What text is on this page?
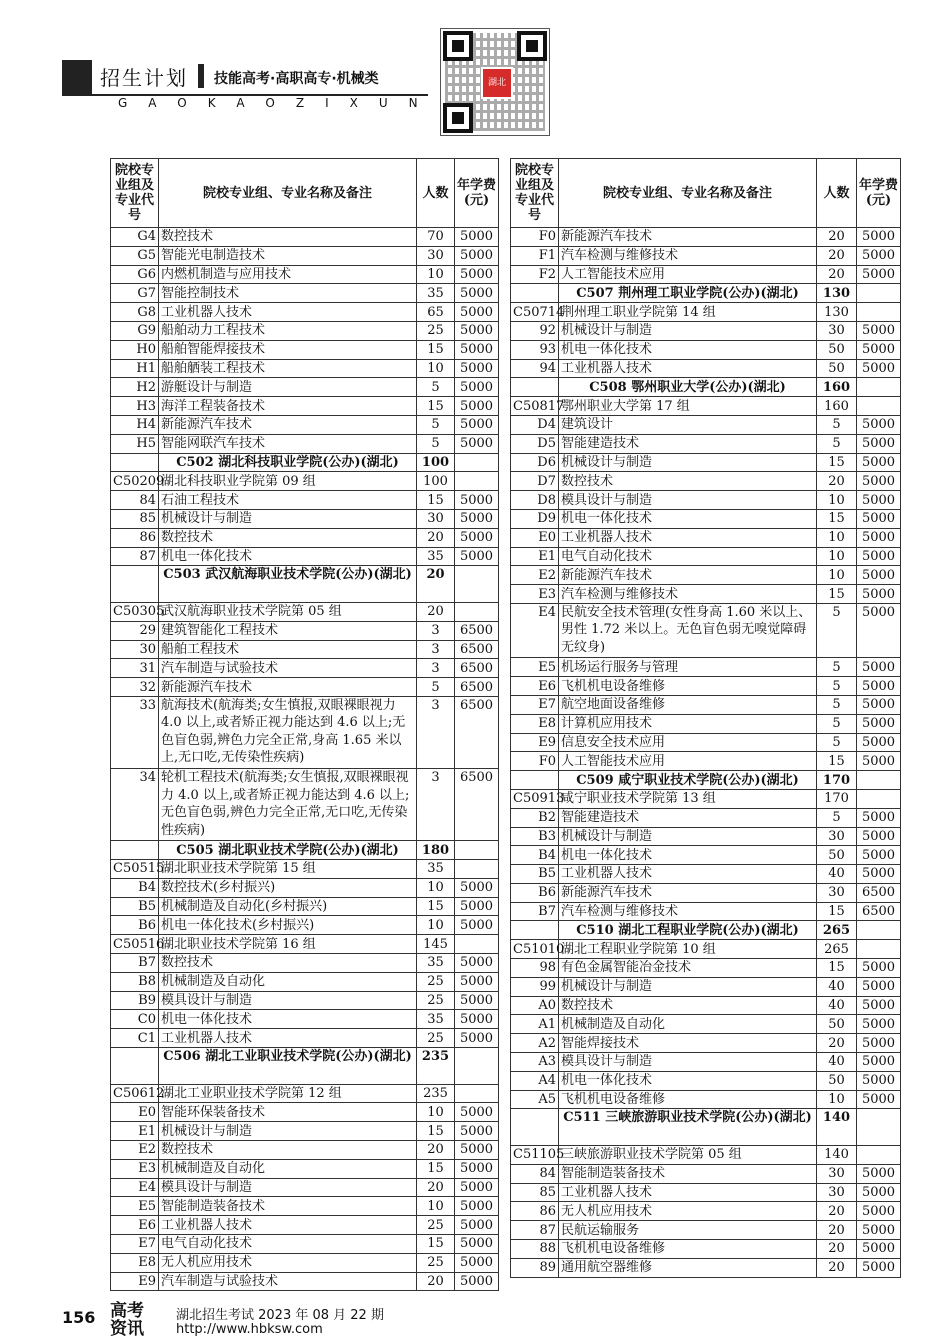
招生计划 技能高考·高职高专·机械类
GAOKAOZIXUN
湖北
院校专业组及专业代号	院校专业组、专业名称及备注	人数	年学费(元)
G4	数控技术	70	5000
G5	智能光电制造技术	30	5000
G6	内燃机制造与应用技术	10	5000
G7	智能控制技术	35	5000
G8	工业机器人技术	65	5000
G9	船舶动力工程技术	25	5000
H0	船舶智能焊接技术	15	5000
H1	船舶舾装工程技术	10	5000
H2	游艇设计与制造	5	5000
H3	海洋工程装备技术	15	5000
H4	新能源汽车技术	5	5000
H5	智能网联汽车技术	5	5000
	C502 湖北科技职业学院(公办)(湖北)	100	
C50209	湖北科技职业学院第 09 组	100	
84	石油工程技术	15	5000
85	机械设计与制造	30	5000
86	数控技术	20	5000
87	机电一体化技术	35	5000
	C503 武汉航海职业技术学院(公办)(湖北)	20	
C50305	武汉航海职业技术学院第 05 组	20	
29	建筑智能化工程技术	3	6500
30	船舶工程技术	3	6500
31	汽车制造与试验技术	3	6500
32	新能源汽车技术	5	6500
33	航海技术(航海类;女生慎报,双眼裸眼视力 4.0 以上,或者矫正视力能达到 4.6 以上;无色盲色弱,辨色力完全正常,身高 1.65 米以上,无口吃,无传染性疾病)	3	6500
34	轮机工程技术(航海类;女生慎报,双眼裸眼视力 4.0 以上,或者矫正视力能达到 4.6 以上;无色盲色弱,辨色力完全正常,无口吃,无传染性疾病)	3	6500
	C505 湖北职业技术学院(公办)(湖北)	180	
C50515	湖北职业技术学院第 15 组	35	
B4	数控技术(乡村振兴)	10	5000
B5	机械制造及自动化(乡村振兴)	15	5000
B6	机电一体化技术(乡村振兴)	10	5000
C50516	湖北职业技术学院第 16 组	145	
B7	数控技术	35	5000
B8	机械制造及自动化	25	5000
B9	模具设计与制造	25	5000
C0	机电一体化技术	35	5000
C1	工业机器人技术	25	5000
	C506 湖北工业职业技术学院(公办)(湖北)	235	
C50612	湖北工业职业技术学院第 12 组	235	
E0	智能环保装备技术	10	5000
E1	机械设计与制造	15	5000
E2	数控技术	20	5000
E3	机械制造及自动化	15	5000
E4	模具设计与制造	20	5000
E5	智能制造装备技术	10	5000
E6	工业机器人技术	25	5000
E7	电气自动化技术	15	5000
E8	无人机应用技术	25	5000
E9	汽车制造与试验技术	20	5000
院校专业组及专业代号	院校专业组、专业名称及备注	人数	年学费(元)
F0	新能源汽车技术	20	5000
F1	汽车检测与维修技术	20	5000
F2	人工智能技术应用	20	5000
	C507 荆州理工职业学院(公办)(湖北)	130	
C50714	荆州理工职业学院第 14 组	130	
92	机械设计与制造	30	5000
93	机电一体化技术	50	5000
94	工业机器人技术	50	5000
	C508 鄂州职业大学(公办)(湖北)	160	
C50817	鄂州职业大学第 17 组	160	
D4	建筑设计	5	5000
D5	智能建造技术	5	5000
D6	机械设计与制造	15	5000
D7	数控技术	20	5000
D8	模具设计与制造	10	5000
D9	机电一体化技术	15	5000
E0	工业机器人技术	10	5000
E1	电气自动化技术	10	5000
E2	新能源汽车技术	10	5000
E3	汽车检测与维修技术	15	5000
E4	民航安全技术管理(女性身高 1.60 米以上、男性 1.72 米以上。无色盲色弱无嗅觉障碍无纹身)	5	5000
E5	机场运行服务与管理	5	5000
E6	飞机机电设备维修	5	5000
E7	航空地面设备维修	5	5000
E8	计算机应用技术	5	5000
E9	信息安全技术应用	5	5000
F0	人工智能技术应用	15	5000
	C509 咸宁职业技术学院(公办)(湖北)	170	
C50913	咸宁职业技术学院第 13 组	170	
B2	智能建造技术	5	5000
B3	机械设计与制造	30	5000
B4	机电一体化技术	50	5000
B5	工业机器人技术	40	5000
B6	新能源汽车技术	30	6500
B7	汽车检测与维修技术	15	6500
	C510 湖北工程职业学院(公办)(湖北)	265	
C51010	湖北工程职业学院第 10 组	265	
98	有色金属智能冶金技术	15	5000
99	机械设计与制造	40	5000
A0	数控技术	40	5000
A1	机械制造及自动化	50	5000
A2	智能焊接技术	20	5000
A3	模具设计与制造	40	5000
A4	机电一体化技术	50	5000
A5	飞机机电设备维修	10	5000
	C511 三峡旅游职业技术学院(公办)(湖北)	140	
C51105	三峡旅游职业技术学院第 05 组	140	
84	智能制造装备技术	30	5000
85	工业机器人技术	30	5000
86	无人机应用技术	20	5000
87	民航运输服务	20	5000
88	飞机机电设备维修	20	5000
89	通用航空器维修	20	5000
156 高考资讯
湖北招生考试 2023 年 08 月 22 期
http://www.hbksw.com
